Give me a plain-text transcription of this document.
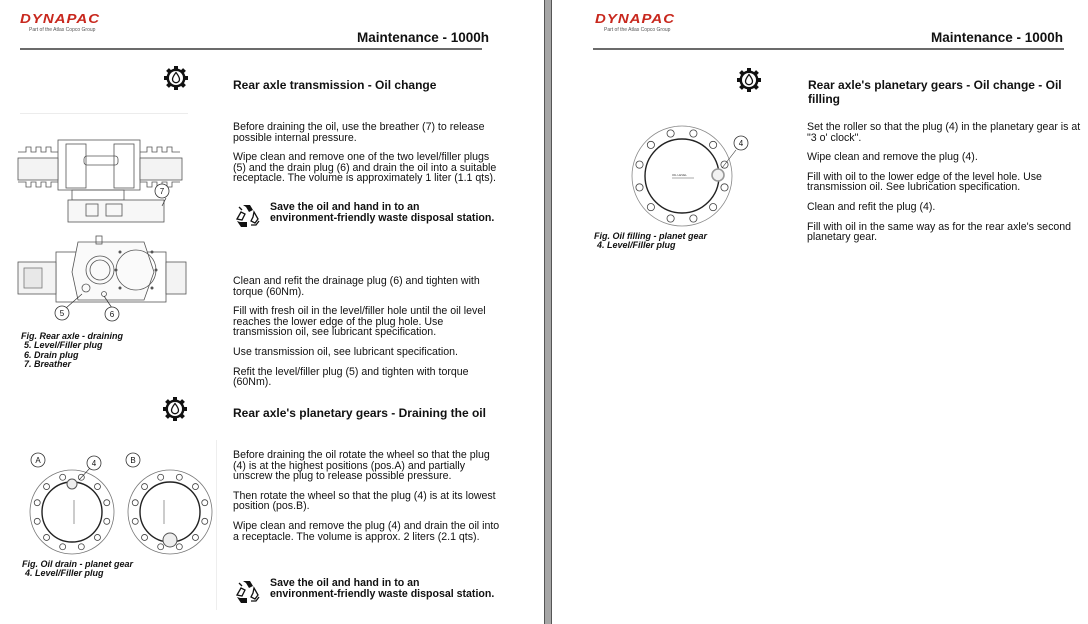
DYNAPAC
Part of the Atlas Copco Group	Maintenance - 1000h
Rear axle transmission - Oil change
7
5	6
Fig. Rear axle - draining
5. Level/Filler plug
6. Drain plug
7. Breather

Before draining the oil, use the breather (7) to release possible internal pressure.

Wipe clean and remove one of the two level/filler plugs (5) and the drain plug (6) and drain the oil into a suitable receptacle. The volume is approximately 1 liter (1.1 qts).

Save the oil and hand in to an
environment-friendly waste disposal station.

Clean and refit the drainage plug (6) and tighten with torque (60Nm).

Fill with fresh oil in the level/filler hole until the oil level reaches the lower edge of the plug hole. Use transmission oil, see lubricant specification.

Use transmission oil, see lubricant specification.

Refit the level/filler plug (5) and tighten with torque (60Nm).

Rear axle's planetary gears - Draining the oil
A	4	B
Fig. Oil drain - planet gear
4. Level/Filler plug

Before draining the oil rotate the wheel so that the plug (4) is at the highest positions (pos.A) and partially unscrew the plug to release possible pressure.

Then rotate the wheel so that the plug (4) is at its lowest position (pos.B).

Wipe clean and remove the plug (4) and drain the oil into a receptacle. The volume is approx. 2 liters (2.1 qts).

Save the oil and hand in to an
environment-friendly waste disposal station.
DYNAPAC
Part of the Atlas Copco Group	Maintenance - 1000h
Rear axle's planetary gears - Oil change - Oil
filling
OIL LEVEL
4
Fig. Oil filling - planet gear
4. Level/Filler plug

Set the roller so that the plug (4) in the planetary gear is at "3 o' clock".

Wipe clean and remove the plug (4).

Fill with oil to the lower edge of the level hole. Use transmission oil. See lubrication specification.

Clean and refit the plug (4).

Fill with oil in the same way as for the rear axle's second planetary gear.
